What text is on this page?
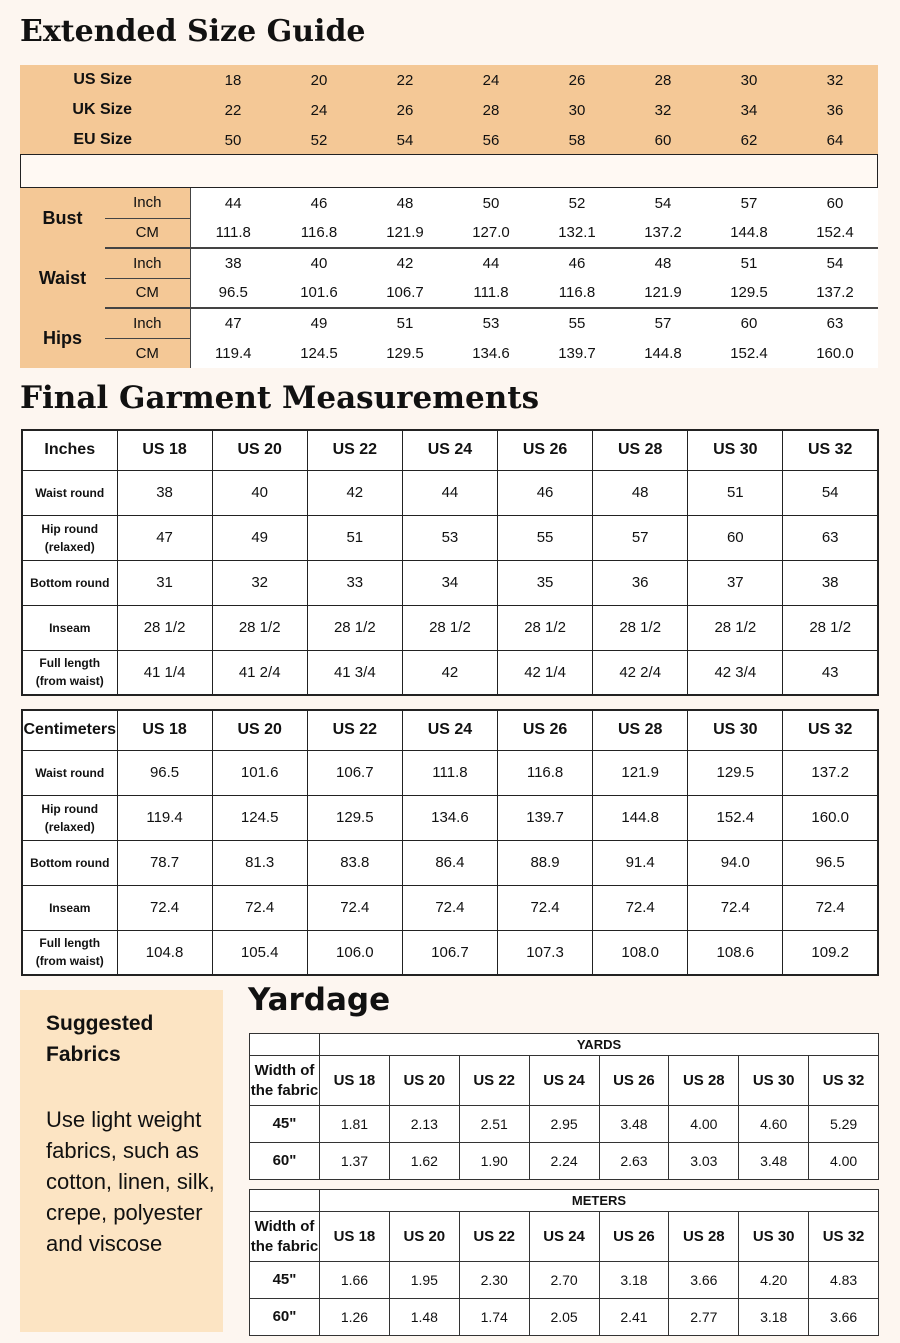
Extended Size Guide
US Size	18	20	22	24	26	28	30	32
UK Size	22	24	26	28	30	32	34	36
EU Size	50	52	54	56	58	60	62	64
Bust	Inch	44	46	48	50	52	54	57	60
	CM	111.8	116.8	121.9	127.0	132.1	137.2	144.8	152.4
Waist	Inch	38	40	42	44	46	48	51	54
	CM	96.5	101.6	106.7	111.8	116.8	121.9	129.5	137.2
Hips	Inch	47	49	51	53	55	57	60	63
	CM	119.4	124.5	129.5	134.6	139.7	144.8	152.4	160.0
Final Garment Measurements
Inches	US 18	US 20	US 22	US 24	US 26	US 28	US 30	US 32
Waist round	38	40	42	44	46	48	51	54
Hip round (relaxed)	47	49	51	53	55	57	60	63
Bottom round	31	32	33	34	35	36	37	38
Inseam	28 1/2	28 1/2	28 1/2	28 1/2	28 1/2	28 1/2	28 1/2	28 1/2
Full length (from waist)	41 1/4	41 2/4	41 3/4	42	42 1/4	42 2/4	42 3/4	43
Centimeters	US 18	US 20	US 22	US 24	US 26	US 28	US 30	US 32
Waist round	96.5	101.6	106.7	111.8	116.8	121.9	129.5	137.2
Hip round (relaxed)	119.4	124.5	129.5	134.6	139.7	144.8	152.4	160.0
Bottom round	78.7	81.3	83.8	86.4	88.9	91.4	94.0	96.5
Inseam	72.4	72.4	72.4	72.4	72.4	72.4	72.4	72.4
Full length (from waist)	104.8	105.4	106.0	106.7	107.3	108.0	108.6	109.2
Suggested
Fabrics
Use light weight fabrics, such as cotton, linen, silk, crepe, polyester and viscose
Yardage
	YARDS							
Width of the fabric	US 18	US 20	US 22	US 24	US 26	US 28	US 30	US 32
45"	1.81	2.13	2.51	2.95	3.48	4.00	4.60	5.29
60"	1.37	1.62	1.90	2.24	2.63	3.03	3.48	4.00
	METERS							
Width of the fabric	US 18	US 20	US 22	US 24	US 26	US 28	US 30	US 32
45"	1.66	1.95	2.30	2.70	3.18	3.66	4.20	4.83
60"	1.26	1.48	1.74	2.05	2.41	2.77	3.18	3.66
